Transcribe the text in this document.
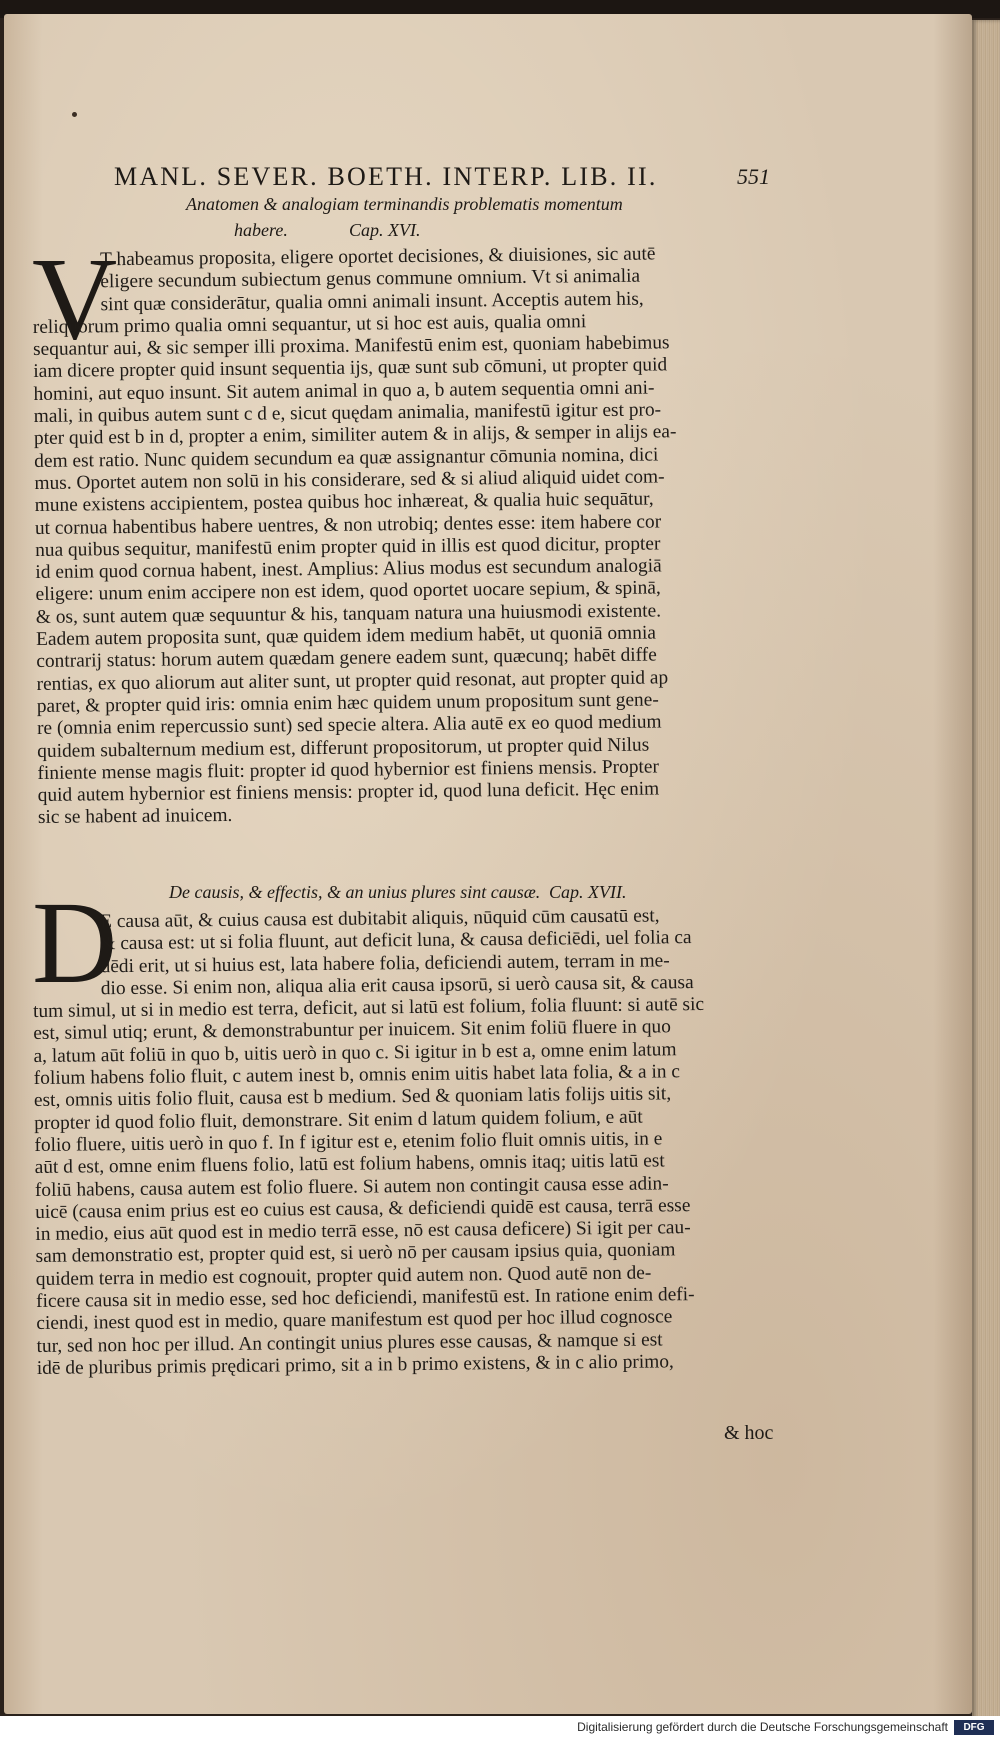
MANL. SEVER. BOETH. INTERP. LIB. II.	551
Anatomen & analogiam terminandis problematis momentum
habere.	Cap. XVI.
V
T habeamus proposita, eligere oportet decisiones, & diuisiones, sic autē
eligere secundum subiectum genus commune omnium. Vt si animalia
sint quæ considerātur, qualia omni animali insunt. Acceptis autem his,
reliquorum primo qualia omni sequantur, ut si hoc est auis, qualia omni
sequantur aui, & sic semper illi proxima. Manifestū enim est, quoniam habebimus
iam dicere propter quid insunt sequentia ijs, quæ sunt sub cōmuni, ut propter quid
homini, aut equo insunt. Sit autem animal in quo a, b autem sequentia omni ani-
mali, in quibus autem sunt c d e, sicut quędam animalia, manifestū igitur est pro-
pter quid est b in d, propter a enim, similiter autem & in alijs, & semper in alijs ea-
dem est ratio. Nunc quidem secundum ea quæ assignantur cōmunia nomina, dici
mus. Oportet autem non solū in his considerare, sed & si aliud aliquid uidet com-
mune existens accipientem, postea quibus hoc inhæreat, & qualia huic sequātur,
ut cornua habentibus habere uentres, & non utrobiq; dentes esse: item habere cor
nua quibus sequitur, manifestū enim propter quid in illis est quod dicitur, propter
id enim quod cornua habent, inest. Amplius: Alius modus est secundum analogiā
eligere: unum enim accipere non est idem, quod oportet uocare sepium, & spinā,
& os, sunt autem quæ sequuntur & his, tanquam natura una huiusmodi existente.
Eadem autem proposita sunt, quæ quidem idem medium habēt, ut quoniā omnia
contrarij status: horum autem quædam genere eadem sunt, quæcunq; habēt diffe
rentias, ex quo aliorum aut aliter sunt, ut propter quid resonat, aut propter quid ap
paret, & propter quid iris: omnia enim hæc quidem unum propositum sunt gene-
re (omnia enim repercussio sunt) sed specie altera. Alia autē ex eo quod medium
quidem subalternum medium est, differunt propositorum, ut propter quid Nilus
finiente mense magis fluit: propter id quod hybernior est finiens mensis. Propter
quid autem hybernior est finiens mensis: propter id, quod luna deficit. Hęc enim
sic se habent ad inuicem.
De causis, & effectis, & an unius plures sint causæ. Cap. XVII.
D
E causa aūt, & cuius causa est dubitabit aliquis, nūquid cūm causatū est,
& causa est: ut si folia fluunt, aut deficit luna, & causa deficiēdi, uel folia ca
dēdi erit, ut si huius est, lata habere folia, deficiendi autem, terram in me-
dio esse. Si enim non, aliqua alia erit causa ipsorū, si uerò causa sit, & causa
tum simul, ut si in medio est terra, deficit, aut si latū est folium, folia fluunt: si autē sic
est, simul utiq; erunt, & demonstrabuntur per inuicem. Sit enim foliū fluere in quo
a, latum aūt foliū in quo b, uitis uerò in quo c. Si igitur in b est a, omne enim latum
folium habens folio fluit, c autem inest b, omnis enim uitis habet lata folia, & a in c
est, omnis uitis folio fluit, causa est b medium. Sed & quoniam latis folijs uitis sit,
propter id quod folio fluit, demonstrare. Sit enim d latum quidem folium, e aūt
folio fluere, uitis uerò in quo f. In f igitur est e, etenim folio fluit omnis uitis, in e
aūt d est, omne enim fluens folio, latū est folium habens, omnis itaq; uitis latū est
foliū habens, causa autem est folio fluere. Si autem non contingit causa esse adin-
uicē (causa enim prius est eo cuius est causa, & deficiendi quidē est causa, terrā esse
in medio, eius aūt quod est in medio terrā esse, nō est causa deficere) Si igit per cau-
sam demonstratio est, propter quid est, si uerò nō per causam ipsius quia, quoniam
quidem terra in medio est cognouit, propter quid autem non. Quod autē non de-
ficere causa sit in medio esse, sed hoc deficiendi, manifestū est. In ratione enim defi-
ciendi, inest quod est in medio, quare manifestum est quod per hoc illud cognosce
tur, sed non hoc per illud. An contingit unius plures esse causas, & namque si est
idē de pluribus primis prędicari primo, sit a in b primo existens, & in c alio primo,
& hoc
Digitalisierung gefördert durch die Deutsche Forschungsgemeinschaft	DFG
